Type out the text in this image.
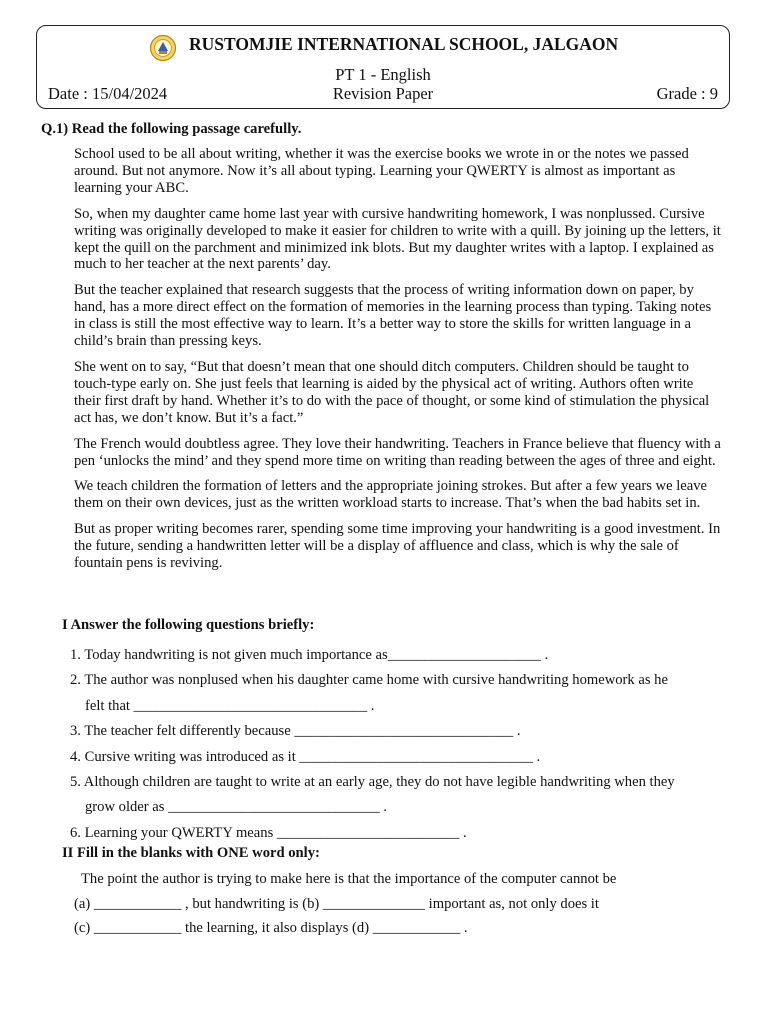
RUSTOMJIE INTERNATIONAL SCHOOL, JALGAON
PT 1 - English
Date : 15/04/2024	Revision Paper	Grade : 9
Q.1) Read the following passage carefully.

School used to be all about writing, whether it was the exercise books we wrote in or the notes we passed around. But not anymore. Now it’s all about typing. Learning your QWERTY is almost as important as learning your ABC.

So, when my daughter came home last year with cursive handwriting homework, I was nonplussed. Cursive writing was originally developed to make it easier for children to write with a quill. By joining up the letters, it kept the quill on the parchment and minimized ink blots. But my daughter writes with a laptop. I explained as much to her teacher at the next parents’ day.

But the teacher explained that research suggests that the process of writing information down on paper, by hand, has a more direct effect on the formation of memories in the learning process than typing. Taking notes in class is still the most effective way to learn. It’s a better way to store the skills for written language in a child’s brain than pressing keys.

She went on to say, “But that doesn’t mean that one should ditch computers. Children should be taught to touch-type early on. She just feels that learning is aided by the physical act of writing. Authors often write their first draft by hand. Whether it’s to do with the pace of thought, or some kind of stimulation the physical act has, we don’t know. But it’s a fact.”

The French would doubtless agree. They love their handwriting. Teachers in France believe that fluency with a pen ‘unlocks the mind’ and they spend more time on writing than reading between the ages of three and eight.

We teach children the formation of letters and the appropriate joining strokes. But after a few years we leave them on their own devices, just as the written workload starts to increase. That’s when the bad habits set in.

But as proper writing becomes rarer, spending some time improving your handwriting is a good investment. In the future, sending a handwritten letter will be a display of affluence and class, which is why the sale of fountain pens is reviving.

I Answer the following questions briefly:
1. Today handwriting is not given much importance as_____________________ .
2. The author was nonplused when his daughter came home with cursive handwriting homework as he
felt that ________________________________ .
3. The teacher felt differently because ______________________________ .
4. Cursive writing was introduced as it ________________________________ .
5. Although children are taught to write at an early age, they do not have legible handwriting when they
grow older as _____________________________ .
6. Learning your QWERTY means _________________________ .
II Fill in the blanks with ONE word only:
The point the author is trying to make here is that the importance of the computer cannot be
(a) ____________ , but handwriting is (b) ______________ important as, not only does it
(c) ____________ the learning, it also displays (d) ____________ .
